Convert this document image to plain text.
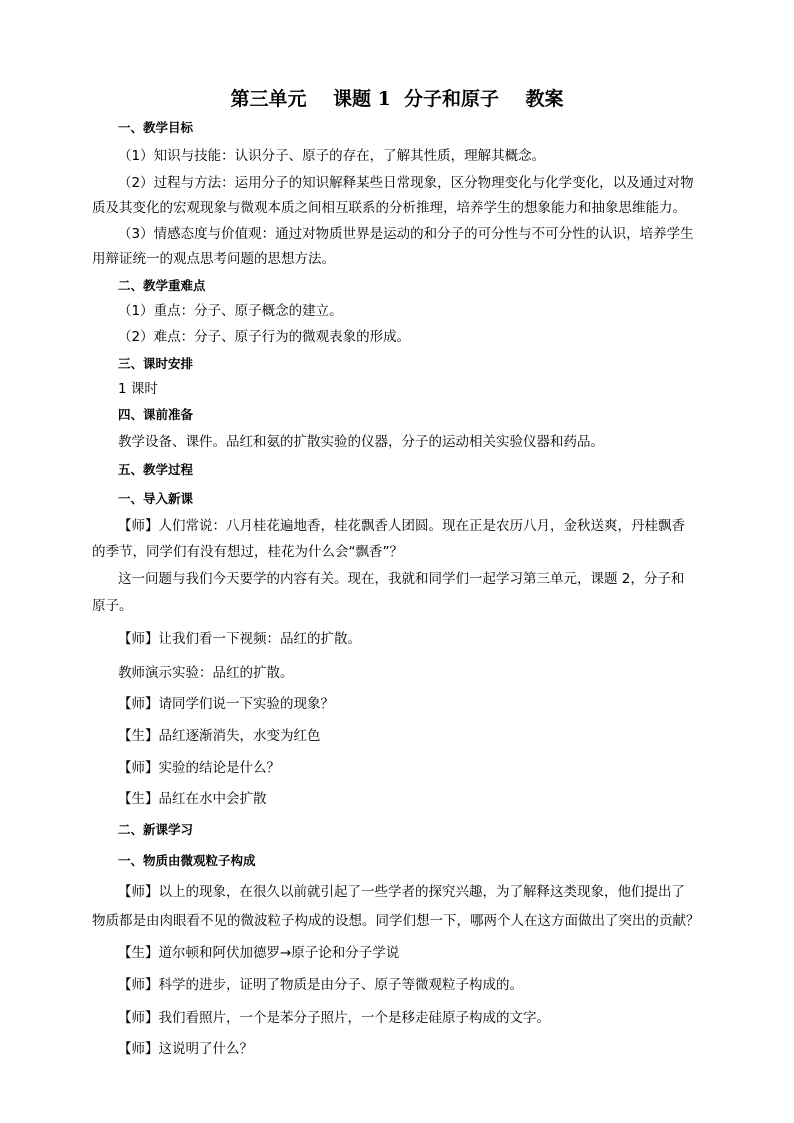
第三单元    课题 1  分子和原子    教案
一、教学目标
（1）知识与技能：认识分子、原子的存在，了解其性质，理解其概念。
（2）过程与方法：运用分子的知识解释某些日常现象，区分物理变化与化学变化，以及通过对物
质及其变化的宏观现象与微观本质之间相互联系的分析推理，培养学生的想象能力和抽象思维能力。
（3）情感态度与价值观：通过对物质世界是运动的和分子的可分性与不可分性的认识，培养学生
用辩证统一的观点思考问题的思想方法。
二、教学重难点
（1）重点：分子、原子概念的建立。
（2）难点：分子、原子行为的微观表象的形成。
三、课时安排
1 课时
四、课前准备
教学设备、课件。品红和氨的扩散实验的仪器，分子的运动相关实验仪器和药品。
五、教学过程
一、导入新课
【师】人们常说：八月桂花遍地香，桂花飘香人团圆。现在正是农历八月，金秋送爽，丹桂飘香
的季节，同学们有没有想过，桂花为什么会“飘香”？
这一问题与我们今天要学的内容有关。现在，我就和同学们一起学习第三单元，课题 2，分子和
原子。
【师】让我们看一下视频：品红的扩散。
教师演示实验：品红的扩散。
【师】请同学们说一下实验的现象？
【生】品红逐渐消失，水变为红色
【师】实验的结论是什么？
【生】品红在水中会扩散
二、新课学习
一、物质由微观粒子构成
【师】以上的现象，在很久以前就引起了一些学者的探究兴趣，为了解释这类现象，他们提出了
物质都是由肉眼看不见的微波粒子构成的设想。同学们想一下，哪两个人在这方面做出了突出的贡献？
【生】道尔顿和阿伏加德罗→原子论和分子学说
【师】科学的进步，证明了物质是由分子、原子等微观粒子构成的。
【师】我们看照片，一个是苯分子照片，一个是移走硅原子构成的文字。
【师】这说明了什么？
